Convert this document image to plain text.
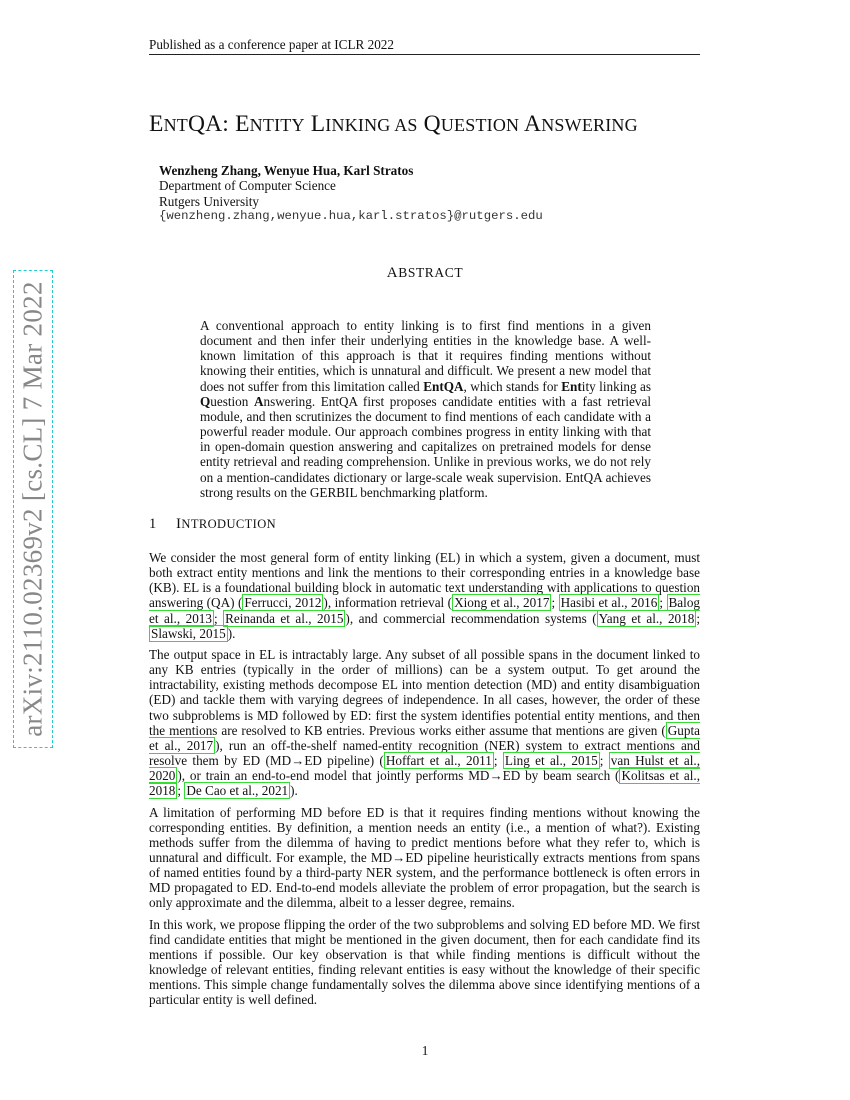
Published as a conference paper at ICLR 2022
ENTQA: ENTITY LINKING AS QUESTION ANSWERING
Wenzheng Zhang, Wenyue Hua, Karl Stratos
Department of Computer Science
Rutgers University
{wenzheng.zhang,wenyue.hua,karl.stratos}@rutgers.edu
arXiv:2110.02369v2 [cs.CL] 7 Mar 2022
ABSTRACT
A conventional approach to entity linking is to first find mentions in a given document and then infer their underlying entities in the knowledge base. A well-known limitation of this approach is that it requires finding mentions without knowing their entities, which is unnatural and difficult. We present a new model that does not suffer from this limitation called EntQA, which stands for Entity linking as Question Answering. EntQA first proposes candidate entities with a fast retrieval module, and then scrutinizes the document to find mentions of each candidate with a powerful reader module. Our approach combines progress in entity linking with that in open-domain question answering and capitalizes on pretrained models for dense entity retrieval and reading comprehension. Unlike in previous works, we do not rely on a mention-candidates dictionary or large-scale weak supervision. EntQA achieves strong results on the GERBIL benchmarking platform.
1 INTRODUCTION

We consider the most general form of entity linking (EL) in which a system, given a document, must both extract entity mentions and link the mentions to their corresponding entries in a knowledge base (KB). EL is a foundational building block in automatic text understanding with applications to question answering (QA) ( Ferrucci, 2012 ), information retrieval ( Xiong et al., 2017 ; Hasibi et al., 2016 ; Balog et al., 2013 ; Reinanda et al., 2015 ), and commercial recommendation systems ( Yang et al., 2018 ; Slawski, 2015 ).

The output space in EL is intractably large. Any subset of all possible spans in the document linked to any KB entries (typically in the order of millions) can be a system output. To get around the intractability, existing methods decompose EL into mention detection (MD) and entity disambiguation (ED) and tackle them with varying degrees of independence. In all cases, however, the order of these two subproblems is MD followed by ED: first the system identifies potential entity mentions, and then the mentions are resolved to KB entries. Previous works either assume that mentions are given ( Gupta et al., 2017 ), run an off-the-shelf named-entity recognition (NER) system to extract mentions and resolve them by ED (MD→ED pipeline) ( Hoffart et al., 2011 ; Ling et al., 2015 ; van Hulst et al., 2020 ), or train an end-to-end model that jointly performs MD→ED by beam search ( Kolitsas et al., 2018 ; De Cao et al., 2021 ).

A limitation of performing MD before ED is that it requires finding mentions without knowing the corresponding entities. By definition, a mention needs an entity (i.e., a mention of what?). Existing methods suffer from the dilemma of having to predict mentions before what they refer to, which is unnatural and difficult. For example, the MD→ED pipeline heuristically extracts mentions from spans of named entities found by a third-party NER system, and the performance bottleneck is often errors in MD propagated to ED. End-to-end models alleviate the problem of error propagation, but the search is only approximate and the dilemma, albeit to a lesser degree, remains.

In this work, we propose flipping the order of the two subproblems and solving ED before MD. We first find candidate entities that might be mentioned in the given document, then for each candidate find its mentions if possible. Our key observation is that while finding mentions is difficult without the knowledge of relevant entities, finding relevant entities is easy without the knowledge of their specific mentions. This simple change fundamentally solves the dilemma above since identifying mentions of a particular entity is well defined.

1
